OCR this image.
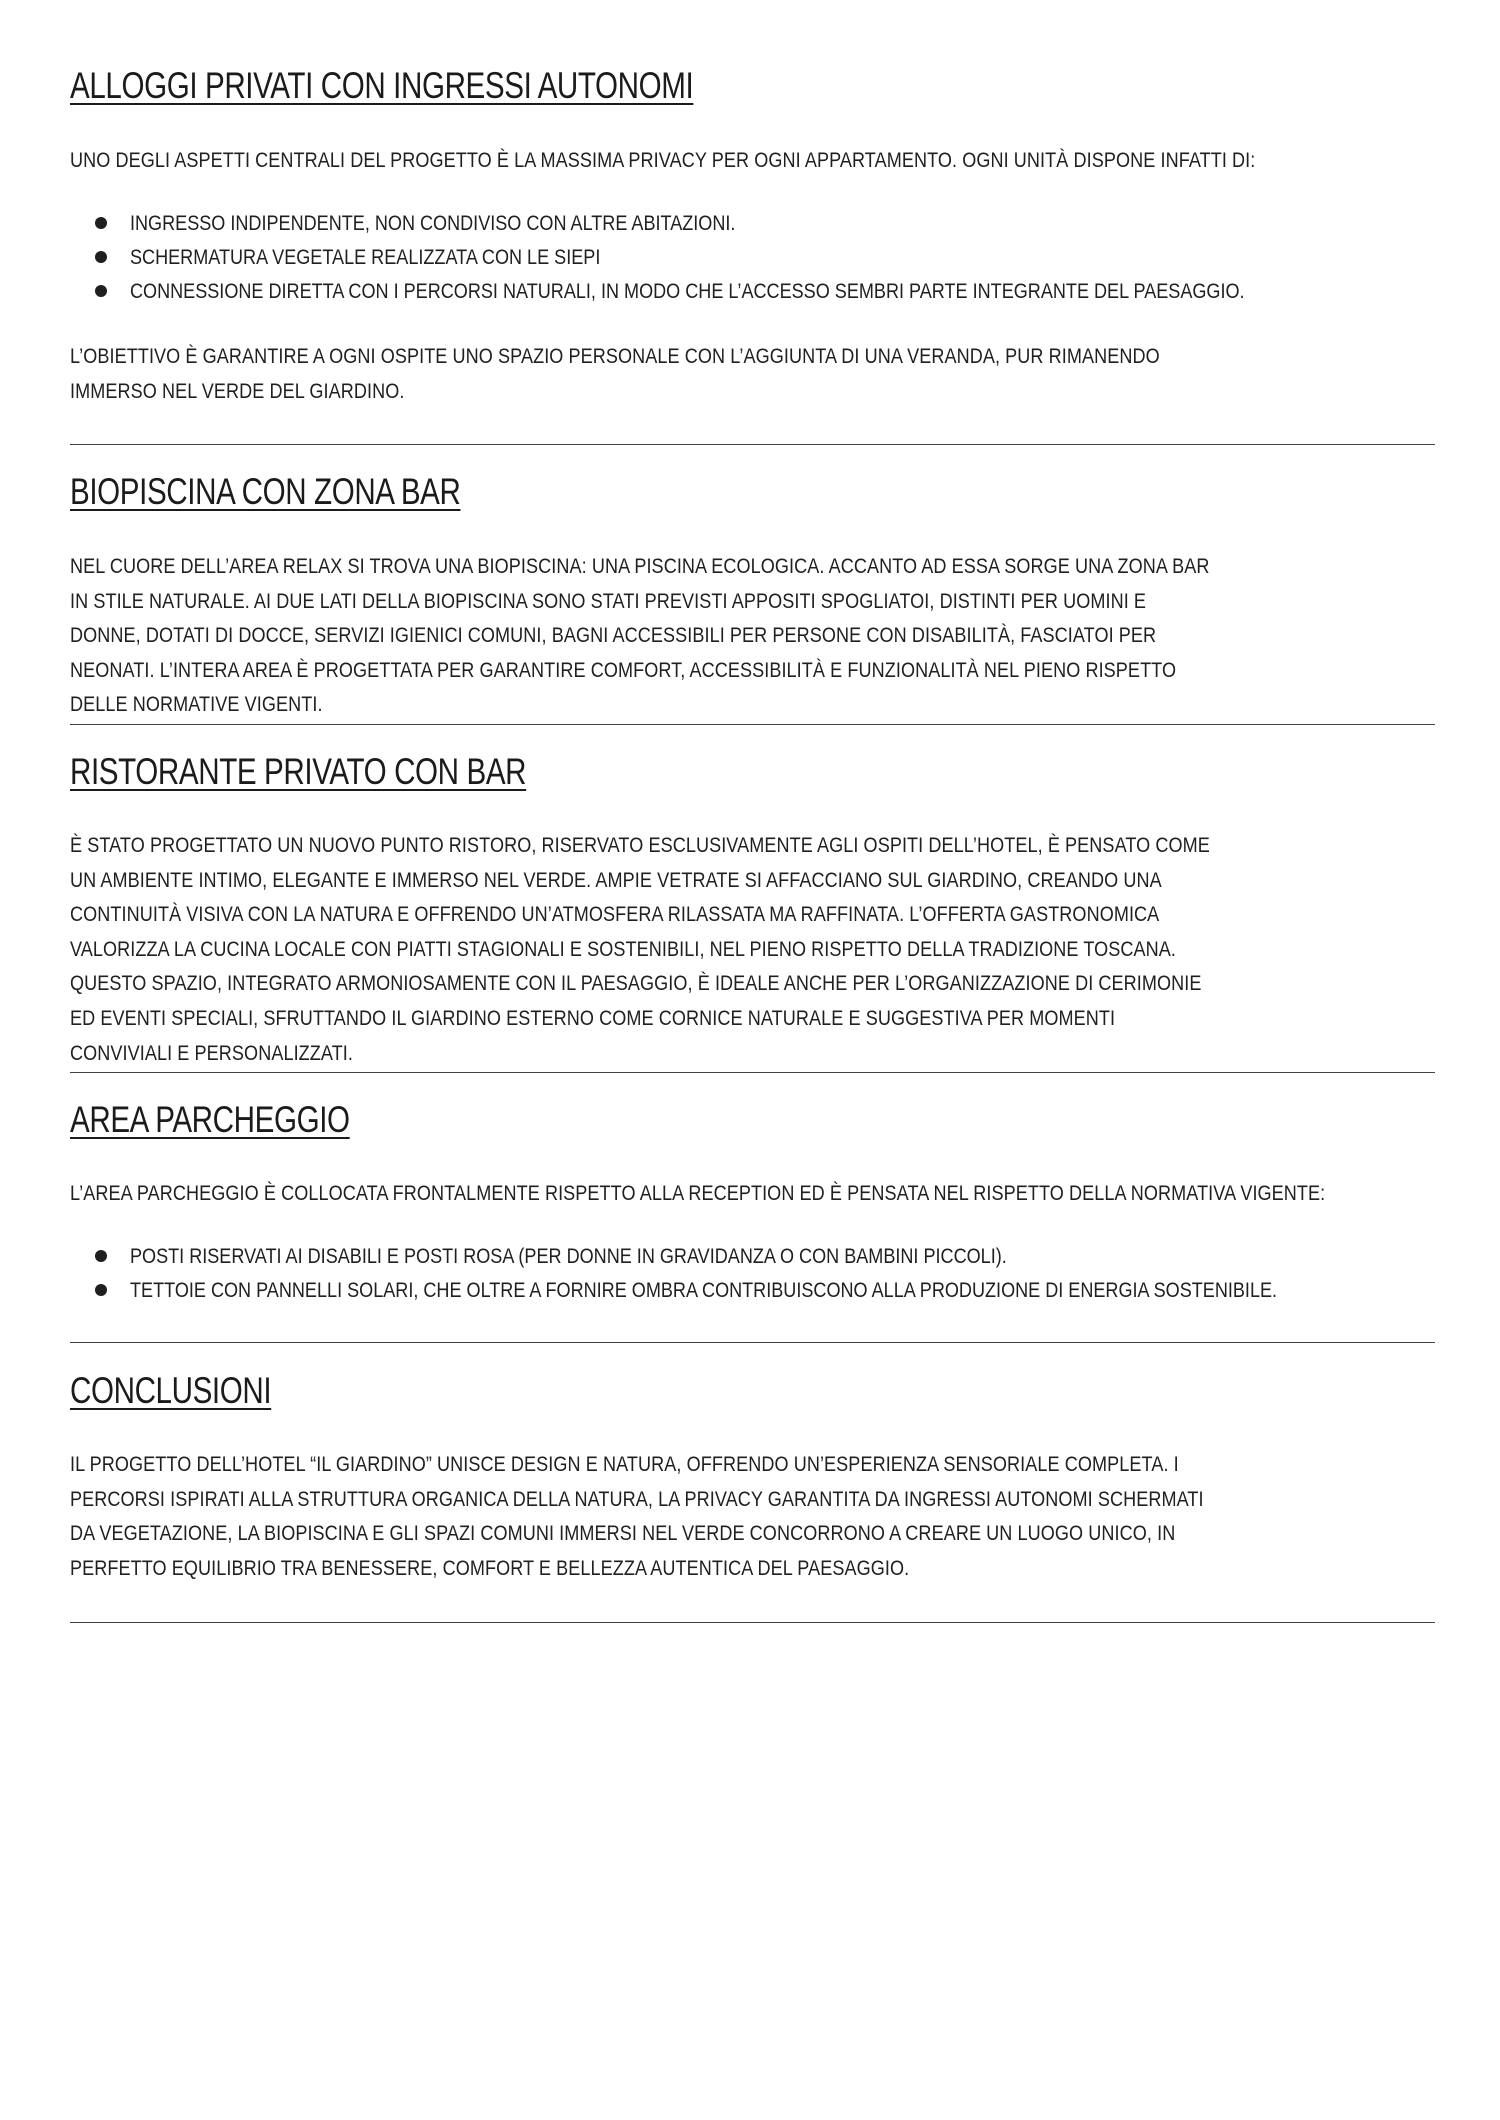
ALLOGGI PRIVATI CON INGRESSI AUTONOMI

UNO DEGLI ASPETTI CENTRALI DEL PROGETTO È LA MASSIMA PRIVACY PER OGNI APPARTAMENTO. OGNI UNITÀ DISPONE INFATTI DI:

INGRESSO INDIPENDENTE, NON CONDIVISO CON ALTRE ABITAZIONI.
SCHERMATURA VEGETALE REALIZZATA CON LE SIEPI
CONNESSIONE DIRETTA CON I PERCORSI NATURALI, IN MODO CHE L’ACCESSO SEMBRI PARTE INTEGRANTE DEL PAESAGGIO.

L’OBIETTIVO È GARANTIRE A OGNI OSPITE UNO SPAZIO PERSONALE CON L’AGGIUNTA DI UNA VERANDA, PUR RIMANENDO IMMERSO NEL VERDE DEL GIARDINO.

BIOPISCINA CON ZONA BAR

NEL CUORE DELL’AREA RELAX SI TROVA UNA BIOPISCINA: UNA PISCINA ECOLOGICA. ACCANTO AD ESSA SORGE UNA ZONA BAR IN STILE NATURALE. AI DUE LATI DELLA BIOPISCINA SONO STATI PREVISTI APPOSITI SPOGLIATOI, DISTINTI PER UOMINI E DONNE, DOTATI DI DOCCE, SERVIZI IGIENICI COMUNI, BAGNI ACCESSIBILI PER PERSONE CON DISABILITÀ, FASCIATOI PER NEONATI. L’INTERA AREA È PROGETTATA PER GARANTIRE COMFORT, ACCESSIBILITÀ E FUNZIONALITÀ NEL PIENO RISPETTO DELLE NORMATIVE VIGENTI.

RISTORANTE PRIVATO CON BAR

È STATO PROGETTATO UN NUOVO PUNTO RISTORO, RISERVATO ESCLUSIVAMENTE AGLI OSPITI DELL’HOTEL, È PENSATO COME UN AMBIENTE INTIMO, ELEGANTE E IMMERSO NEL VERDE. AMPIE VETRATE SI AFFACCIANO SUL GIARDINO, CREANDO UNA CONTINUITÀ VISIVA CON LA NATURA E OFFRENDO UN’ATMOSFERA RILASSATA MA RAFFINATA. L’OFFERTA GASTRONOMICA VALORIZZA LA CUCINA LOCALE CON PIATTI STAGIONALI E SOSTENIBILI, NEL PIENO RISPETTO DELLA TRADIZIONE TOSCANA. QUESTO SPAZIO, INTEGRATO ARMONIOSAMENTE CON IL PAESAGGIO, È IDEALE ANCHE PER L’ORGANIZZAZIONE DI CERIMONIE ED EVENTI SPECIALI, SFRUTTANDO IL GIARDINO ESTERNO COME CORNICE NATURALE E SUGGESTIVA PER MOMENTI CONVIVIALI E PERSONALIZZATI.

AREA PARCHEGGIO

L’AREA PARCHEGGIO È COLLOCATA FRONTALMENTE RISPETTO ALLA RECEPTION ED È PENSATA NEL RISPETTO DELLA NORMATIVA VIGENTE:

POSTI RISERVATI AI DISABILI E POSTI ROSA (PER DONNE IN GRAVIDANZA O CON BAMBINI PICCOLI).
TETTOIE CON PANNELLI SOLARI, CHE OLTRE A FORNIRE OMBRA CONTRIBUISCONO ALLA PRODUZIONE DI ENERGIA SOSTENIBILE.
CONCLUSIONI

IL PROGETTO DELL’HOTEL “IL GIARDINO” UNISCE DESIGN E NATURA, OFFRENDO UN’ESPERIENZA SENSORIALE COMPLETA. I PERCORSI ISPIRATI ALLA STRUTTURA ORGANICA DELLA NATURA, LA PRIVACY GARANTITA DA INGRESSI AUTONOMI SCHERMATI DA VEGETAZIONE, LA BIOPISCINA E GLI SPAZI COMUNI IMMERSI NEL VERDE CONCORRONO A CREARE UN LUOGO UNICO, IN PERFETTO EQUILIBRIO TRA BENESSERE, COMFORT E BELLEZZA AUTENTICA DEL PAESAGGIO.
